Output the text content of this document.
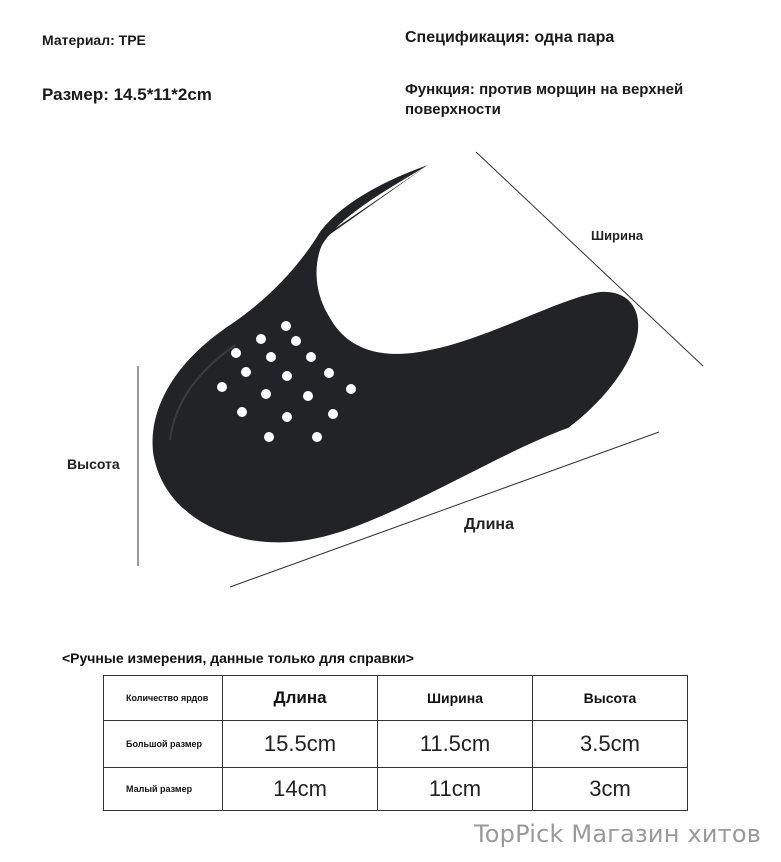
Материал: TPE
Размер: 14.5*11*2cm
Спецификация: одна пара
Функция: против морщин на верхней поверхности
Ширина
Высота
Длина
<Ручные измерения, данные только для справки>
Количество ярдов	Длина	Ширина	Высота
Большой размер	15.5cm	11.5cm	3.5cm
Малый размер	14cm	11cm	3cm
TopPick Магазин хитов
